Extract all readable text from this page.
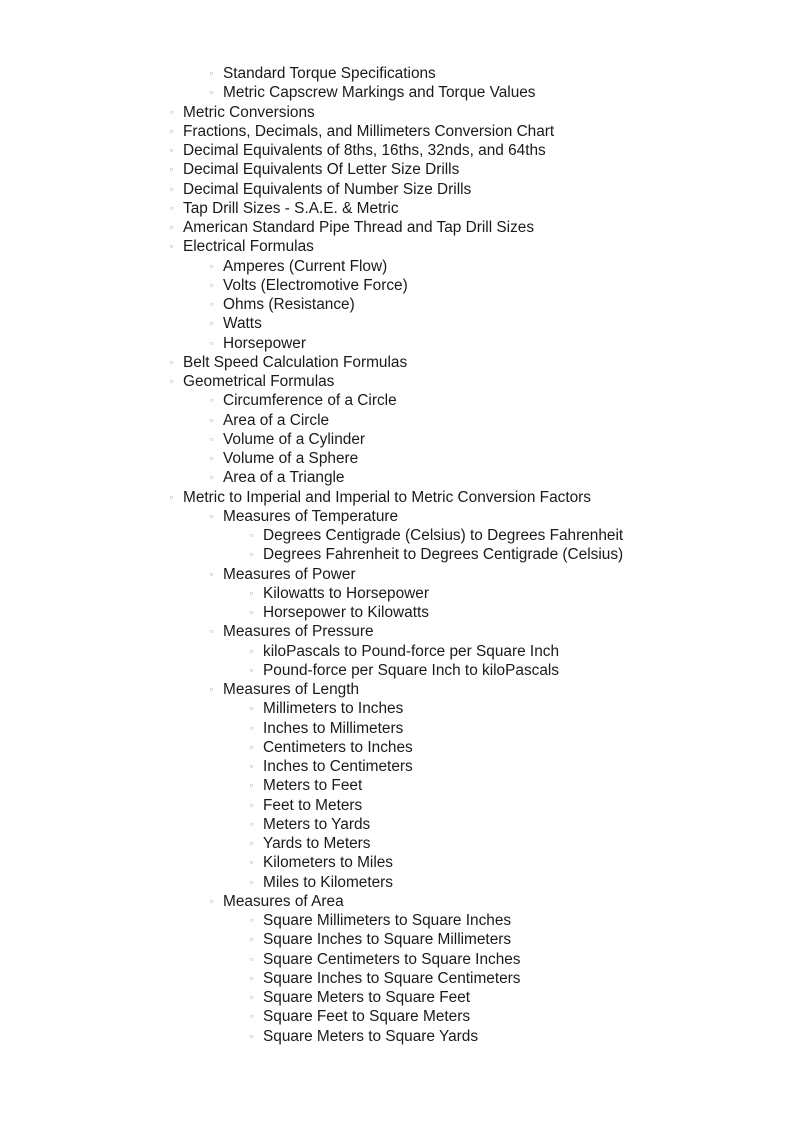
▫ Standard Torque Specifications
▫ Metric Capscrew Markings and Torque Values
▫ Metric Conversions
▫ Fractions, Decimals, and Millimeters Conversion Chart
▫ Decimal Equivalents of 8ths, 16ths, 32nds, and 64ths
▫ Decimal Equivalents Of Letter Size Drills
▫ Decimal Equivalents of Number Size Drills
▫ Tap Drill Sizes - S.A.E. & Metric
▫ American Standard Pipe Thread and Tap Drill Sizes
▫ Electrical Formulas
▫ Amperes (Current Flow)
▫ Volts (Electromotive Force)
▫ Ohms (Resistance)
▫ Watts
▫ Horsepower
▫ Belt Speed Calculation Formulas
▫ Geometrical Formulas
▫ Circumference of a Circle
▫ Area of a Circle
▫ Volume of a Cylinder
▫ Volume of a Sphere
▫ Area of a Triangle
▫ Metric to Imperial and Imperial to Metric Conversion Factors
▫ Measures of Temperature
▫ Degrees Centigrade (Celsius) to Degrees Fahrenheit
▫ Degrees Fahrenheit to Degrees Centigrade (Celsius)
▫ Measures of Power
▫ Kilowatts to Horsepower
▫ Horsepower to Kilowatts
▫ Measures of Pressure
▫ kiloPascals to Pound-force per Square Inch
▫ Pound-force per Square Inch to kiloPascals
▫ Measures of Length
▫ Millimeters to Inches
▫ Inches to Millimeters
▫ Centimeters to Inches
▫ Inches to Centimeters
▫ Meters to Feet
▫ Feet to Meters
▫ Meters to Yards
▫ Yards to Meters
▫ Kilometers to Miles
▫ Miles to Kilometers
▫ Measures of Area
▫ Square Millimeters to Square Inches
▫ Square Inches to Square Millimeters
▫ Square Centimeters to Square Inches
▫ Square Inches to Square Centimeters
▫ Square Meters to Square Feet
▫ Square Feet to Square Meters
▫ Square Meters to Square Yards
